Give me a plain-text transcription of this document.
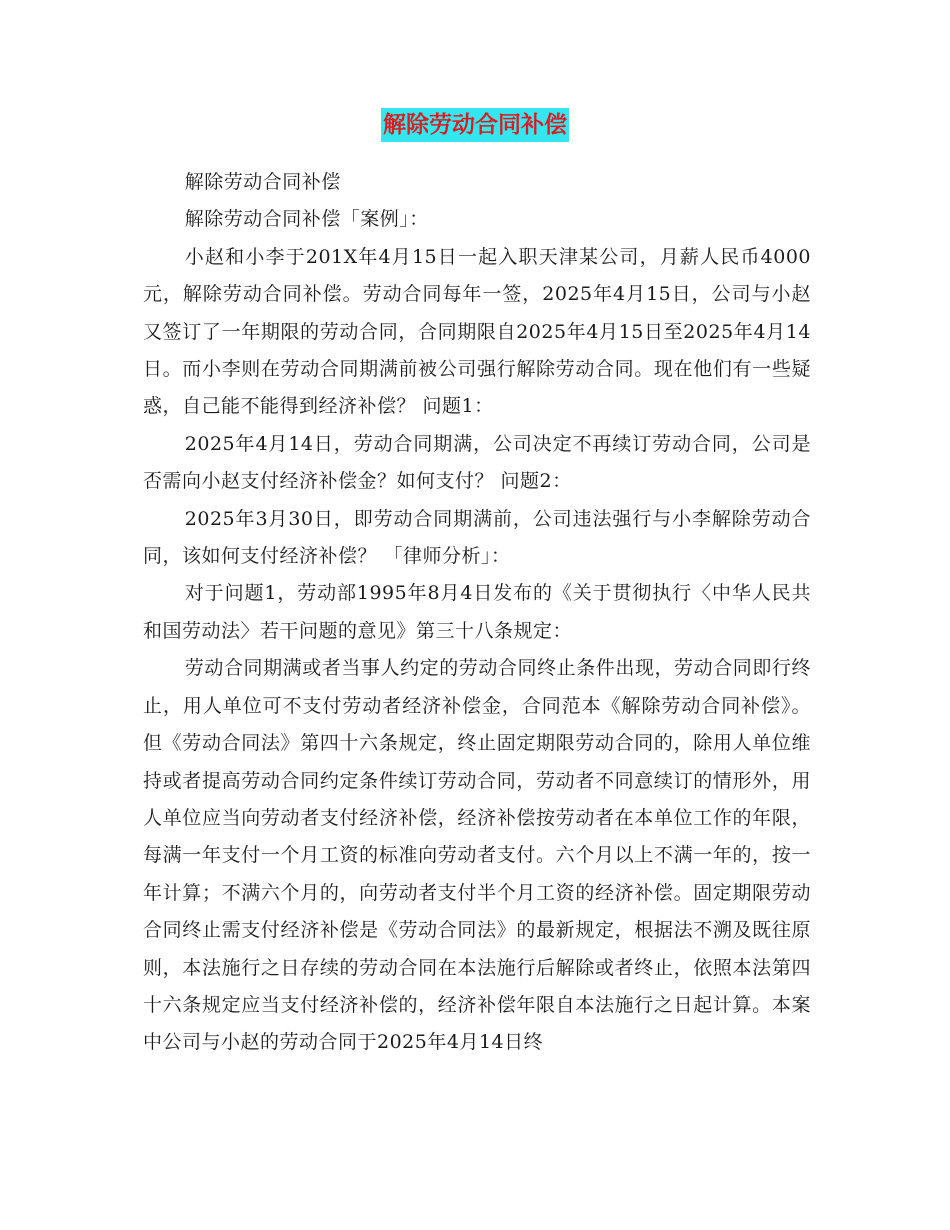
解除劳动合同补偿

解除劳动合同补偿

解除劳动合同补偿「案例」：

小赵和小李于201X年4月15日一起入职天津某公司，月薪人民币4000元，解除劳动合同补偿。劳动合同每年一签，2025年4月15日，公司与小赵又签订了一年期限的劳动合同，合同期限自2025年4月15日至2025年4月14日。而小李则在劳动合同期满前被公司强行解除劳动合同。现在他们有一些疑惑，自己能不能得到经济补偿？ 问题1：

2025年4月14日，劳动合同期满，公司决定不再续订劳动合同，公司是否需向小赵支付经济补偿金？如何支付？ 问题2：

2025年3月30日，即劳动合同期满前，公司违法强行与小李解除劳动合同，该如何支付经济补偿？ 「律师分析」：

对于问题1，劳动部1995年8月4日发布的《关于贯彻执行〈中华人民共和国劳动法〉若干问题的意见》第三十八条规定：

劳动合同期满或者当事人约定的劳动合同终止条件出现，劳动合同即行终止，用人单位可不支付劳动者经济补偿金，合同范本《解除劳动合同补偿》。但《劳动合同法》第四十六条规定，终止固定期限劳动合同的，除用人单位维持或者提高劳动合同约定条件续订劳动合同，劳动者不同意续订的情形外，用人单位应当向劳动者支付经济补偿，经济补偿按劳动者在本单位工作的年限，每满一年支付一个月工资的标准向劳动者支付。六个月以上不满一年的，按一年计算；不满六个月的，向劳动者支付半个月工资的经济补偿。固定期限劳动合同终止需支付经济补偿是《劳动合同法》的最新规定，根据法不溯及既往原则，本法施行之日存续的劳动合同在本法施行后解除或者终止，依照本法第四十六条规定应当支付经济补偿的，经济补偿年限自本法施行之日起计算。本案中公司与小赵的劳动合同于2025年4月14日终
